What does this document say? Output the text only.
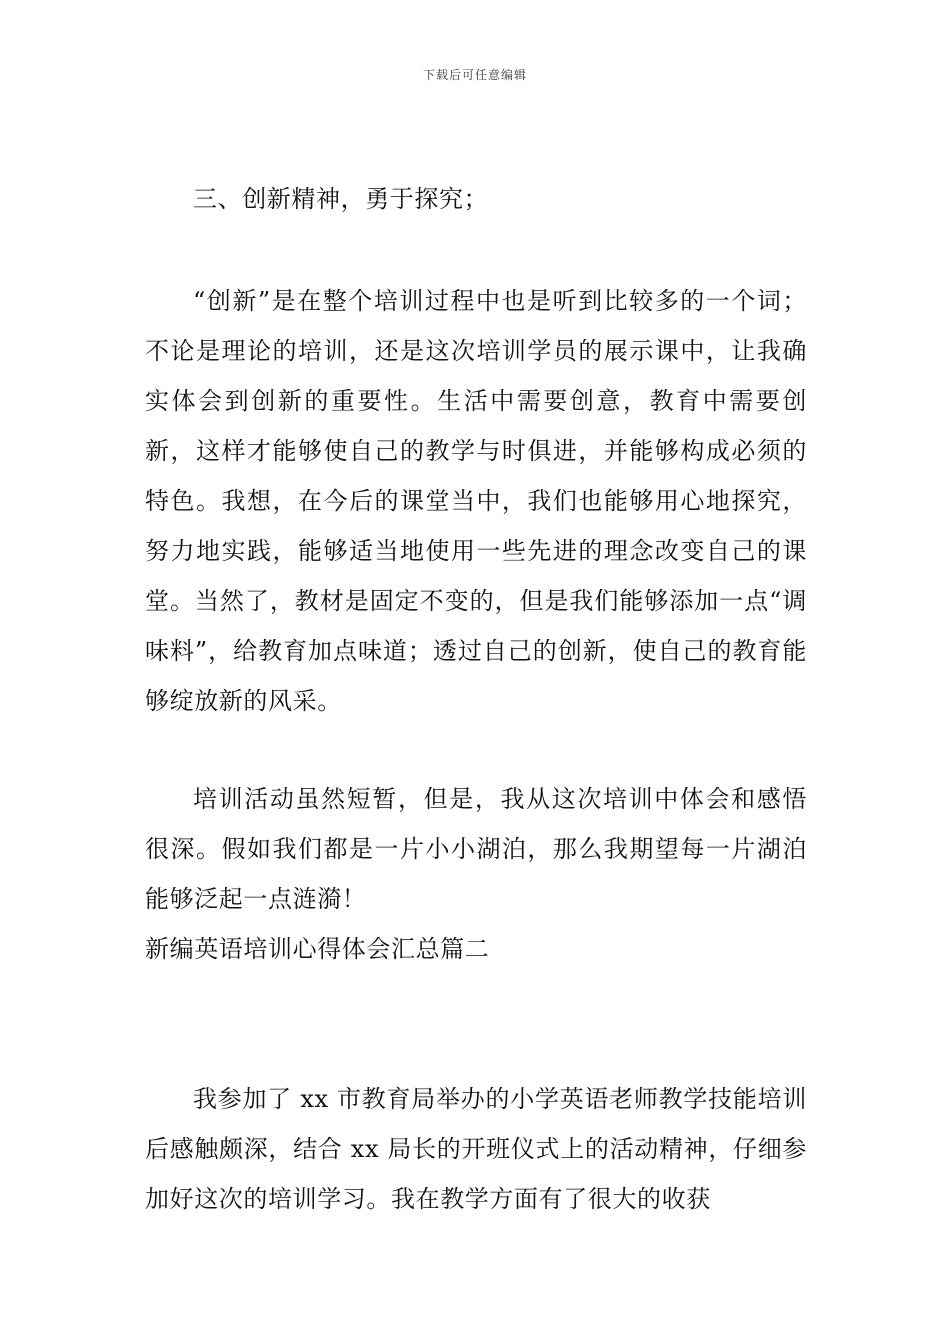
下载后可任意编辑
三、创新精神，勇于探究；
“创新”是在整个培训过程中也是听到比较多的一个词；不论是理论的培训，还是这次培训学员的展示课中，让我确实体会到创新的重要性。生活中需要创意，教育中需要创新，这样才能够使自己的教学与时俱进，并能够构成必须的特色。我想，在今后的课堂当中，我们也能够用心地探究，努力地实践，能够适当地使用一些先进的理念改变自己的课堂。当然了，教材是固定不变的，但是我们能够添加一点“调味料”，给教育加点味道；透过自己的创新，使自己的教育能够绽放新的风采。
培训活动虽然短暂，但是，我从这次培训中体会和感悟很深。假如我们都是一片小小湖泊，那么我期望每一片湖泊能够泛起一点涟漪！
新编英语培训心得体会汇总篇二
我参加了 xx 市教育局举办的小学英语老师教学技能培训后感触颇深，结合 xx 局长的开班仪式上的活动精神，仔细参加好这次的培训学习。我在教学方面有了很大的收获
